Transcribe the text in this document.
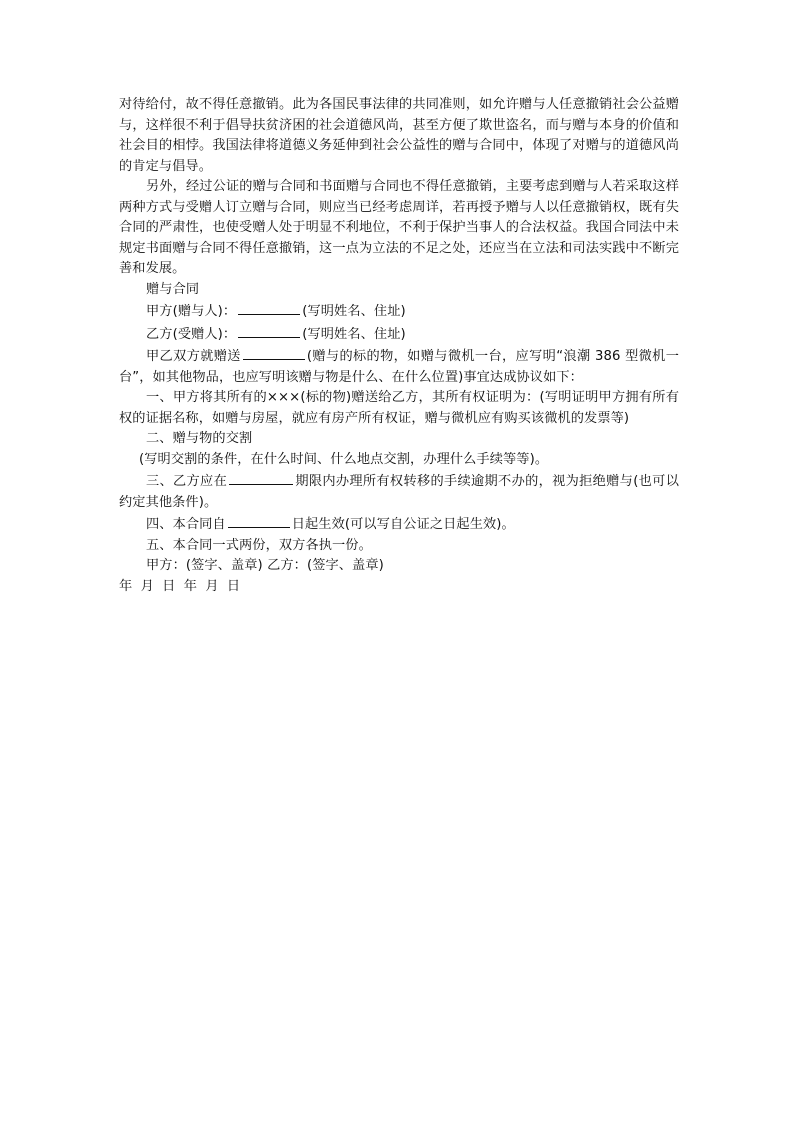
对待给付，故不得任意撤销。此为各国民事法律的共同准则，如允许赠与人任意撤销社会公益赠与，这样很不利于倡导扶贫济困的社会道德风尚，甚至方便了欺世盗名，而与赠与本身的价值和社会目的相悖。我国法律将道德义务延伸到社会公益性的赠与合同中，体现了对赠与的道德风尚的肯定与倡导。

另外，经过公证的赠与合同和书面赠与合同也不得任意撤销，主要考虑到赠与人若采取这样两种方式与受赠人订立赠与合同，则应当已经考虑周详，若再授予赠与人以任意撤销权，既有失合同的严肃性，也使受赠人处于明显不利地位，不利于保护当事人的合法权益。我国合同法中未规定书面赠与合同不得任意撤销，这一点为立法的不足之处，还应当在立法和司法实践中不断完善和发展。

赠与合同

甲方(赠与人)：	(写明姓名、住址)

乙方(受赠人)：	(写明姓名、住址)

甲乙双方就赠送	(赠与的标的物，如赠与微机一台，应写明“浪潮 386 型微机一台”，如其他物品，也应写明该赠与物是什么、在什么位置)事宜达成协议如下：

一、甲方将其所有的×××(标的物)赠送给乙方，其所有权证明为：(写明证明甲方拥有所有权的证据名称，如赠与房屋，就应有房产所有权证，赠与微机应有购买该微机的发票等)

二、赠与物的交割

(写明交割的条件，在什么时间、什么地点交割，办理什么手续等等)。

三、乙方应在	期限内办理所有权转移的手续逾期不办的，视为拒绝赠与(也可以约定其他条件)。

四、本合同自	日起生效(可以写自公证之日起生效)。

五、本合同一式两份，双方各执一份。

甲方：(签字、盖章) 乙方：(签字、盖章)

年 月 日 年 月 日
